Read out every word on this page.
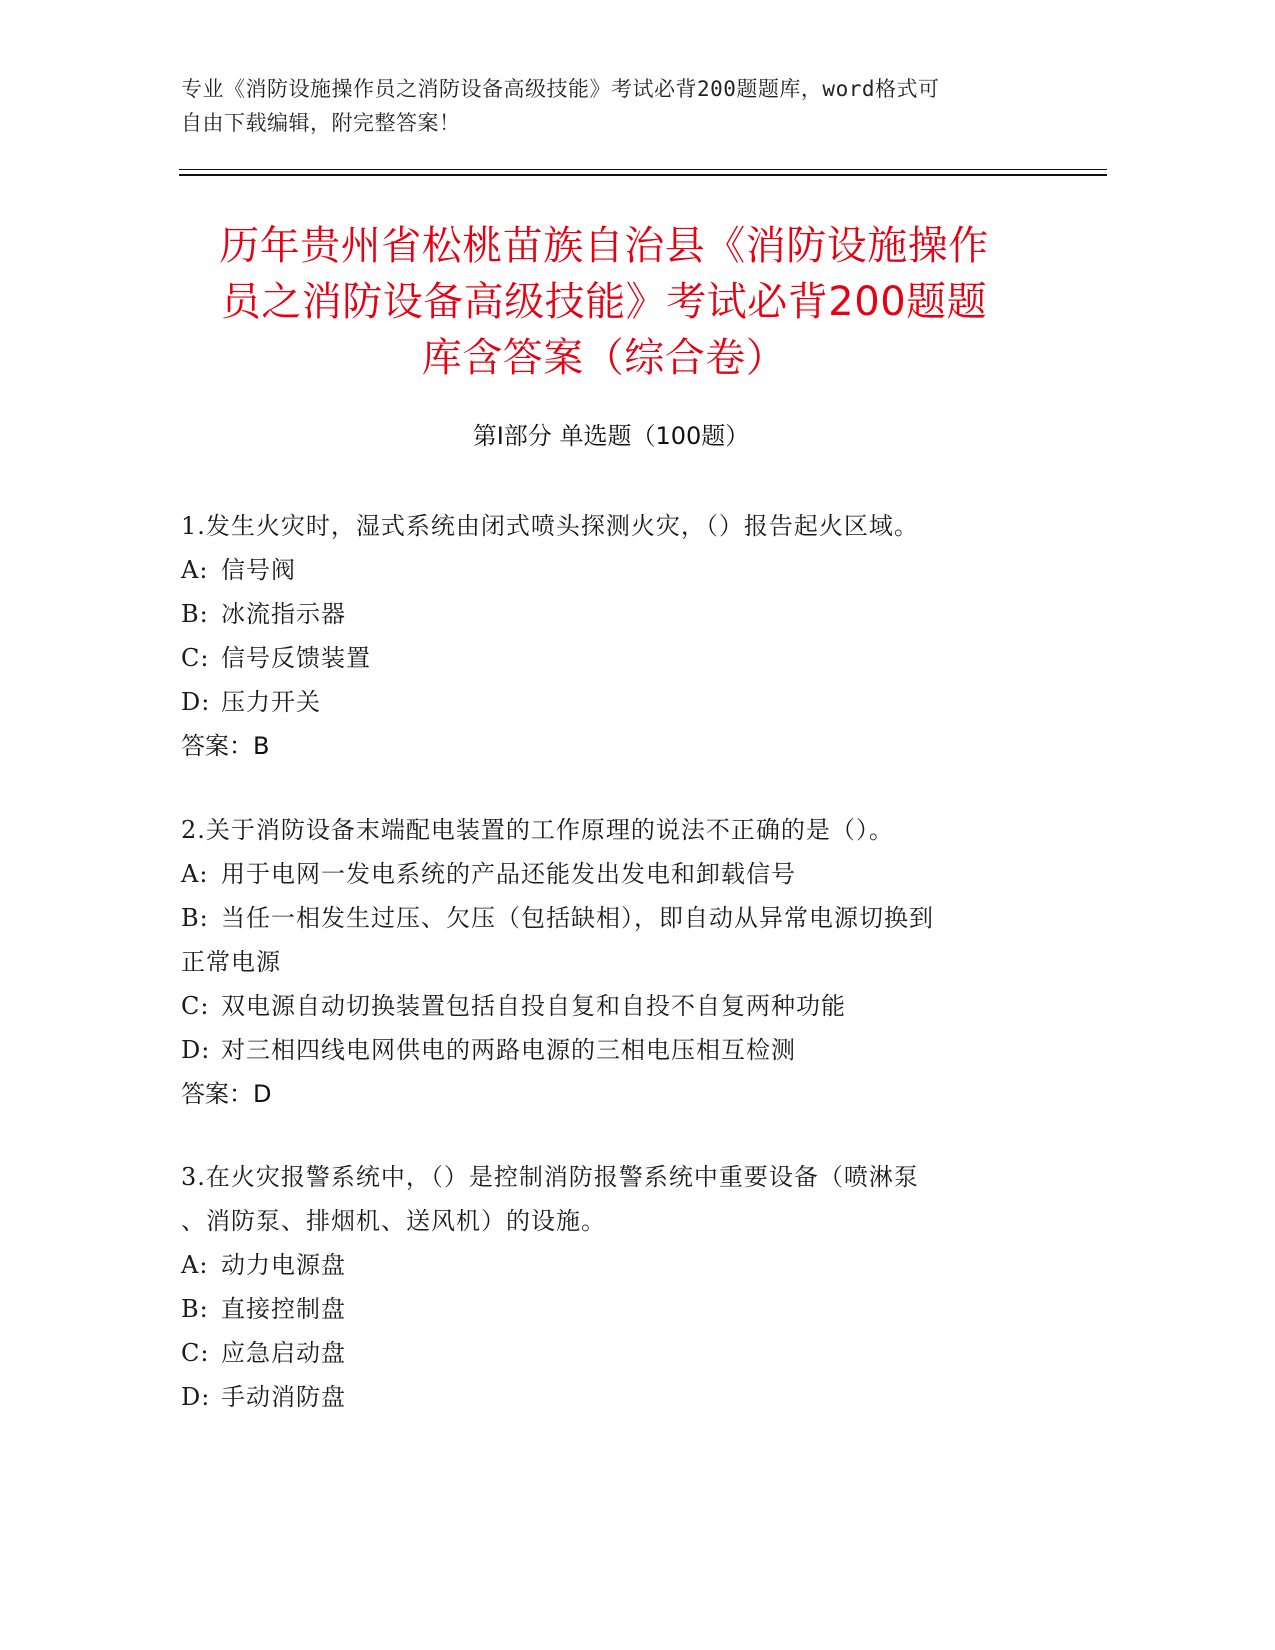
专业《消防设施操作员之消防设备高级技能》考试必背200题题库，word格式可
自由下载编辑，附完整答案！
历年贵州省松桃苗族自治县《消防设施操作
员之消防设备高级技能》考试必背200题题
库含答案（综合卷）
第Ⅰ部分 单选题（100题）
1.发生火灾时，湿式系统由闭式喷头探测火灾，（）报告起火区域。
A: 信号阀
B: 冰流指示器
C: 信号反馈装置
D: 压力开关
答案：B
2.关于消防设备末端配电装置的工作原理的说法不正确的是（）。
A: 用于电网一发电系统的产品还能发出发电和卸载信号
B: 当任一相发生过压、欠压（包括缺相），即自动从异常电源切换到
正常电源
C: 双电源自动切换装置包括自投自复和自投不自复两种功能
D: 对三相四线电网供电的两路电源的三相电压相互检测
答案：D
3.在火灾报警系统中，（）是控制消防报警系统中重要设备（喷淋泵
、消防泵、排烟机、送风机）的设施。
A: 动力电源盘
B: 直接控制盘
C: 应急启动盘
D: 手动消防盘
